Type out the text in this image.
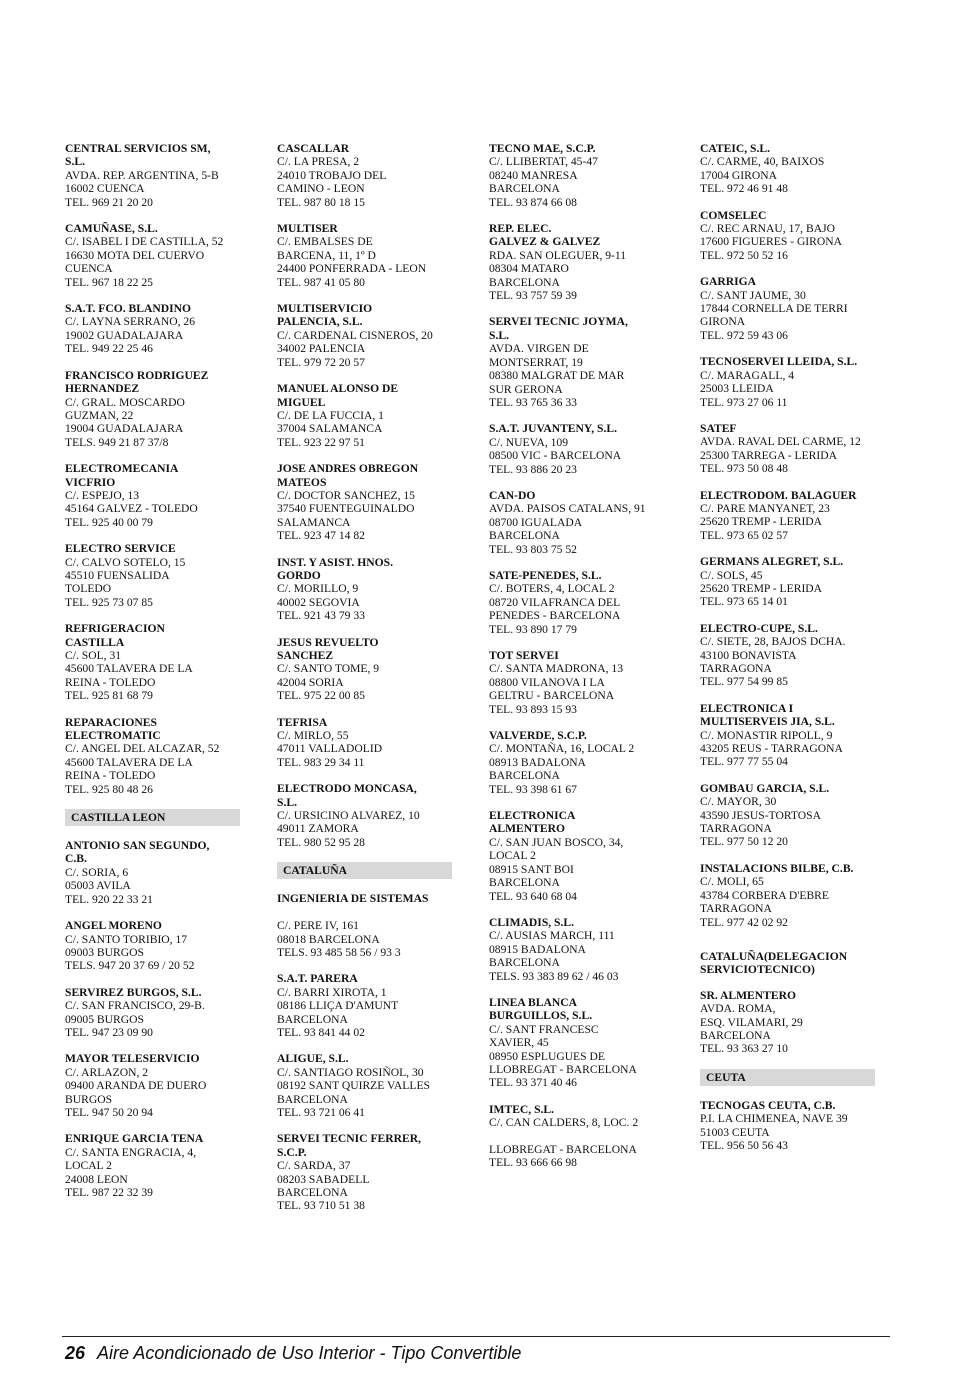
CENTRAL SERVICIOS SM,
S.L.
AVDA. REP. ARGENTINA, 5-B
16002 CUENCA
TEL. 969 21 20 20
CAMUÑASE, S.L.
C/. ISABEL I DE CASTILLA, 52
16630 MOTA DEL CUERVO
CUENCA
TEL. 967 18 22 25
S.A.T. FCO. BLANDINO
C/. LAYNA SERRANO, 26
19002 GUADALAJARA
TEL. 949 22 25 46
FRANCISCO RODRIGUEZ
HERNANDEZ
C/. GRAL. MOSCARDO
GUZMAN, 22
19004 GUADALAJARA
TELS. 949 21 87 37/8
ELECTROMECANIA
VICFRIO
C/. ESPEJO, 13
45164 GALVEZ - TOLEDO
TEL. 925 40 00 79
ELECTRO SERVICE
C/. CALVO SOTELO, 15
45510 FUENSALIDA
TOLEDO
TEL. 925 73 07 85
REFRIGERACION
CASTILLA
C/. SOL, 31
45600 TALAVERA DE LA
REINA - TOLEDO
TEL. 925 81 68 79
REPARACIONES
ELECTROMATIC
C/. ANGEL DEL ALCAZAR, 52
45600 TALAVERA DE LA
REINA - TOLEDO
TEL. 925 80 48 26
CASTILLA LEON
ANTONIO SAN SEGUNDO,
C.B.
C/. SORIA, 6
05003 AVILA
TEL. 920 22 33 21
ANGEL MORENO
C/. SANTO TORIBIO, 17
09003 BURGOS
TELS. 947 20 37 69 / 20 52
SERVIREZ BURGOS, S.L.
C/. SAN FRANCISCO, 29-B.
09005 BURGOS
TEL. 947 23 09 90
MAYOR TELESERVICIO
C/. ARLAZON, 2
09400 ARANDA DE DUERO
BURGOS
TEL. 947 50 20 94
ENRIQUE GARCIA TENA
C/. SANTA ENGRACIA, 4,
LOCAL 2
24008 LEON
TEL. 987 22 32 39
CASCALLAR
C/. LA PRESA, 2
24010 TROBAJO DEL
CAMINO - LEON
TEL. 987 80 18 15
MULTISER
C/. EMBALSES DE
BARCENA, 11, 1º D
24400 PONFERRADA - LEON
TEL. 987 41 05 80
MULTISERVICIO
PALENCIA, S.L.
C/. CARDENAL CISNEROS, 20
34002 PALENCIA
TEL. 979 72 20 57
MANUEL ALONSO DE
MIGUEL
C/. DE LA FUCCIA, 1
37004 SALAMANCA
TEL. 923 22 97 51
JOSE ANDRES OBREGON
MATEOS
C/. DOCTOR SANCHEZ, 15
37540 FUENTEGUINALDO
SALAMANCA
TEL. 923 47 14 82
INST. Y ASIST. HNOS.
GORDO
C/. MORILLO, 9
40002 SEGOVIA
TEL. 921 43 79 33
JESUS REVUELTO
SANCHEZ
C/. SANTO TOME, 9
42004 SORIA
TEL. 975 22 00 85
TEFRISA
C/. MIRLO, 55
47011 VALLADOLID
TEL. 983 29 34 11
ELECTRODO MONCASA,
S.L.
C/. URSICINO ALVAREZ, 10
49011 ZAMORA
TEL. 980 52 95 28
CATALUÑA
INGENIERIA DE SISTEMAS

C/. PERE IV, 161
08018 BARCELONA
TELS. 93 485 58 56 / 93 3
S.A.T. PARERA
C/. BARRI XIROTA, 1
08186 LLIÇA D'AMUNT
BARCELONA
TEL. 93 841 44 02
ALIGUE, S.L.
C/. SANTIAGO ROSIÑOL, 30
08192 SANT QUIRZE VALLES
BARCELONA
TEL. 93 721 06 41
SERVEI TECNIC FERRER,
S.C.P.
C/. SARDA, 37
08203 SABADELL
BARCELONA
TEL. 93 710 51 38
TECNO MAE, S.C.P.
C/. LLIBERTAT, 45-47
08240 MANRESA
BARCELONA
TEL. 93 874 66 08
REP. ELEC.
GALVEZ & GALVEZ
RDA. SAN OLEGUER, 9-11
08304 MATARO
BARCELONA
TEL. 93 757 59 39
SERVEI TECNIC JOYMA,
S.L.
AVDA. VIRGEN DE
MONTSERRAT, 19
08380 MALGRAT DE MAR
SUR GERONA
TEL. 93 765 36 33
S.A.T. JUVANTENY, S.L.
C/. NUEVA, 109
08500 VIC - BARCELONA
TEL. 93 886 20 23
CAN-DO
AVDA. PAISOS CATALANS, 91
08700 IGUALADA
BARCELONA
TEL. 93 803 75 52
SATE-PENEDES, S.L.
C/. BOTERS, 4, LOCAL 2
08720 VILAFRANCA DEL
PENEDES - BARCELONA
TEL. 93 890 17 79
TOT SERVEI
C/. SANTA MADRONA, 13
08800 VILANOVA I LA
GELTRU - BARCELONA
TEL. 93 893 15 93
VALVERDE, S.C.P.
C/. MONTAÑA, 16, LOCAL 2
08913 BADALONA
BARCELONA
TEL. 93 398 61 67
ELECTRONICA
ALMENTERO
C/. SAN JUAN BOSCO, 34,
LOCAL 2
08915 SANT BOI
BARCELONA
TEL. 93 640 68 04
CLIMADIS, S.L.
C/. AUSIAS MARCH, 111
08915 BADALONA
BARCELONA
TELS. 93 383 89 62 / 46 03
LINEA BLANCA
BURGUILLOS, S.L.
C/. SANT FRANCESC
XAVIER, 45
08950 ESPLUGUES DE
LLOBREGAT - BARCELONA
TEL. 93 371 40 46
IMTEC, S.L.
C/. CAN CALDERS, 8, LOC. 2

LLOBREGAT - BARCELONA
TEL. 93 666 66 98
CATEIC, S.L.
C/. CARME, 40, BAIXOS
17004 GIRONA
TEL. 972 46 91 48
COMSELEC
C/. REC ARNAU, 17, BAJO
17600 FIGUERES - GIRONA
TEL. 972 50 52 16
GARRIGA
C/. SANT JAUME, 30
17844 CORNELLA DE TERRI
GIRONA
TEL. 972 59 43 06
TECNOSERVEI LLEIDA, S.L.
C/. MARAGALL, 4
25003 LLEIDA
TEL. 973 27 06 11
SATEF
AVDA. RAVAL DEL CARME, 12
25300 TARREGA - LERIDA
TEL. 973 50 08 48
ELECTRODOM. BALAGUER
C/. PARE MANYANET, 23
25620 TREMP - LERIDA
TEL. 973 65 02 57
GERMANS ALEGRET, S.L.
C/. SOLS, 45
25620 TREMP - LERIDA
TEL. 973 65 14 01
ELECTRO-CUPE, S.L.
C/. SIETE, 28, BAJOS DCHA.
43100 BONAVISTA
TARRAGONA
TEL. 977 54 99 85
ELECTRONICA I
MULTISERVEIS JIA, S.L.
C/. MONASTIR RIPOLL, 9
43205 REUS - TARRAGONA
TEL. 977 77 55 04
GOMBAU GARCIA, S.L.
C/. MAYOR, 30
43590 JESUS-TORTOSA
TARRAGONA
TEL. 977 50 12 20
INSTALACIONS BILBE, C.B.
C/. MOLI, 65
43784 CORBERA D'EBRE
TARRAGONA
TEL. 977 42 02 92
CATALUÑA(DELEGACION SERVICIOTECNICO)
SR. ALMENTERO
AVDA. ROMA,
ESQ. VILAMARI, 29
BARCELONA
TEL. 93 363 27 10
CEUTA
TECNOGAS CEUTA, C.B.
P.I. LA CHIMENEA, NAVE 39
51003 CEUTA
TEL. 956 50 56 43
26 Aire Acondicionado de Uso Interior - Tipo Convertible
